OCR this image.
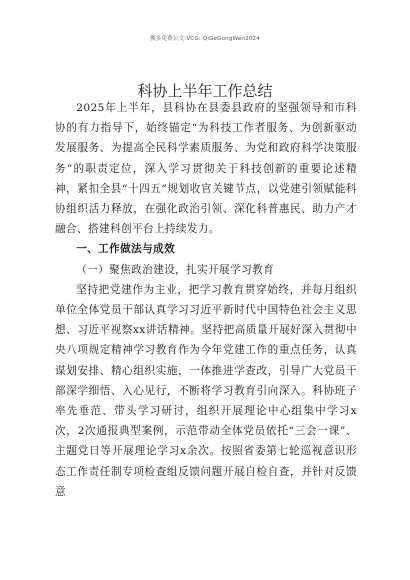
搬多免费公文:VCG: QiGeGongWen2024
科协上半年工作总结

2025年上半年，县科协在县委县政府的坚强领导和市科协的有力指导下，始终锚定“为科技工作者服务、为创新驱动发展服务、为提高全民科学素质服务、为党和政府科学决策服务”的职责定位，深入学习贯彻关于科技创新的重要论述精神，紧扣全县“十四五”规划收官关键节点，以党建引领赋能科协组织活力释放，在强化政治引领、深化科普惠民、助力产才融合、搭建科创平台上持续发力。

一、工作做法与成效
（一）聚焦政治建设，扎实开展学习教育

坚持把党建作为主业，把学习教育贯穿始终，并每月组织单位全体党员干部认真学习习近平新时代中国特色社会主义思想、习近平视察xx讲话精神。坚持把高质量开展好深入贯彻中央八项规定精神学习教育作为今年党建工作的重点任务，认真谋划安排、精心组织实施，一体推进学查改，引导广大党员干部深学细悟、入心见行，不断将学习教育引向深入。科协班子率先垂范、带头学习研讨，组织开展理论中心组集中学习x次，2次通报典型案例，示范带动全体党员依托“三会一课”、主题党日等开展理论学习x余次。按照省委第七轮巡视意识形态工作责任制专项检查组反馈问题开展自检自查，并针对反馈意
